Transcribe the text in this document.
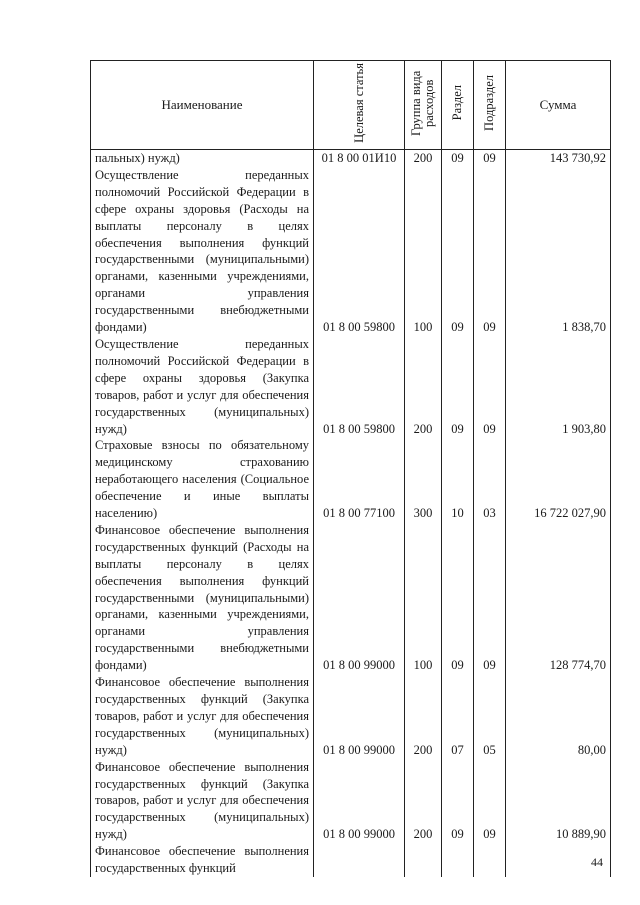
Наименование	Целевая статья	Группа вида расходов	Раздел	Подраздел	Сумма
пальных) нужд)	01 8 00 01И10	200	09	09	143 730,92
Осуществление переданных полномочий Российской Федерации в сфере охраны здоровья (Расходы на выплаты персоналу в целях обеспечения выполнения функций государственными (муниципальными) органами, казенными учреждениями, органами управления государственными внебюджетными фондами)	01 8 00 59800	100	09	09	1 838,70
Осуществление переданных полномочий Российской Федерации в сфере охраны здоровья (Закупка товаров, работ и услуг для обеспечения государственных (муниципальных) нужд)	01 8 00 59800	200	09	09	1 903,80
Страховые взносы по обязательному медицинскому страхованию неработающего населения (Социальное обеспечение и иные выплаты населению)	01 8 00 77100	300	10	03	16 722 027,90
Финансовое обеспечение выполнения государственных функций (Расходы на выплаты персоналу в целях обеспечения выполнения функций государственными (муниципальными) органами, казенными учреждениями, органами управления государственными внебюджетными фондами)	01 8 00 99000	100	09	09	128 774,70
Финансовое обеспечение выполнения государственных функций (Закупка товаров, работ и услуг для обеспечения государственных (муниципальных) нужд)	01 8 00 99000	200	07	05	80,00
Финансовое обеспечение выполнения государственных функций (Закупка товаров, работ и услуг для обеспечения государственных (муниципальных) нужд)	01 8 00 99000	200	09	09	10 889,90
Финансовое обеспечение выполнения государственных функций						44
